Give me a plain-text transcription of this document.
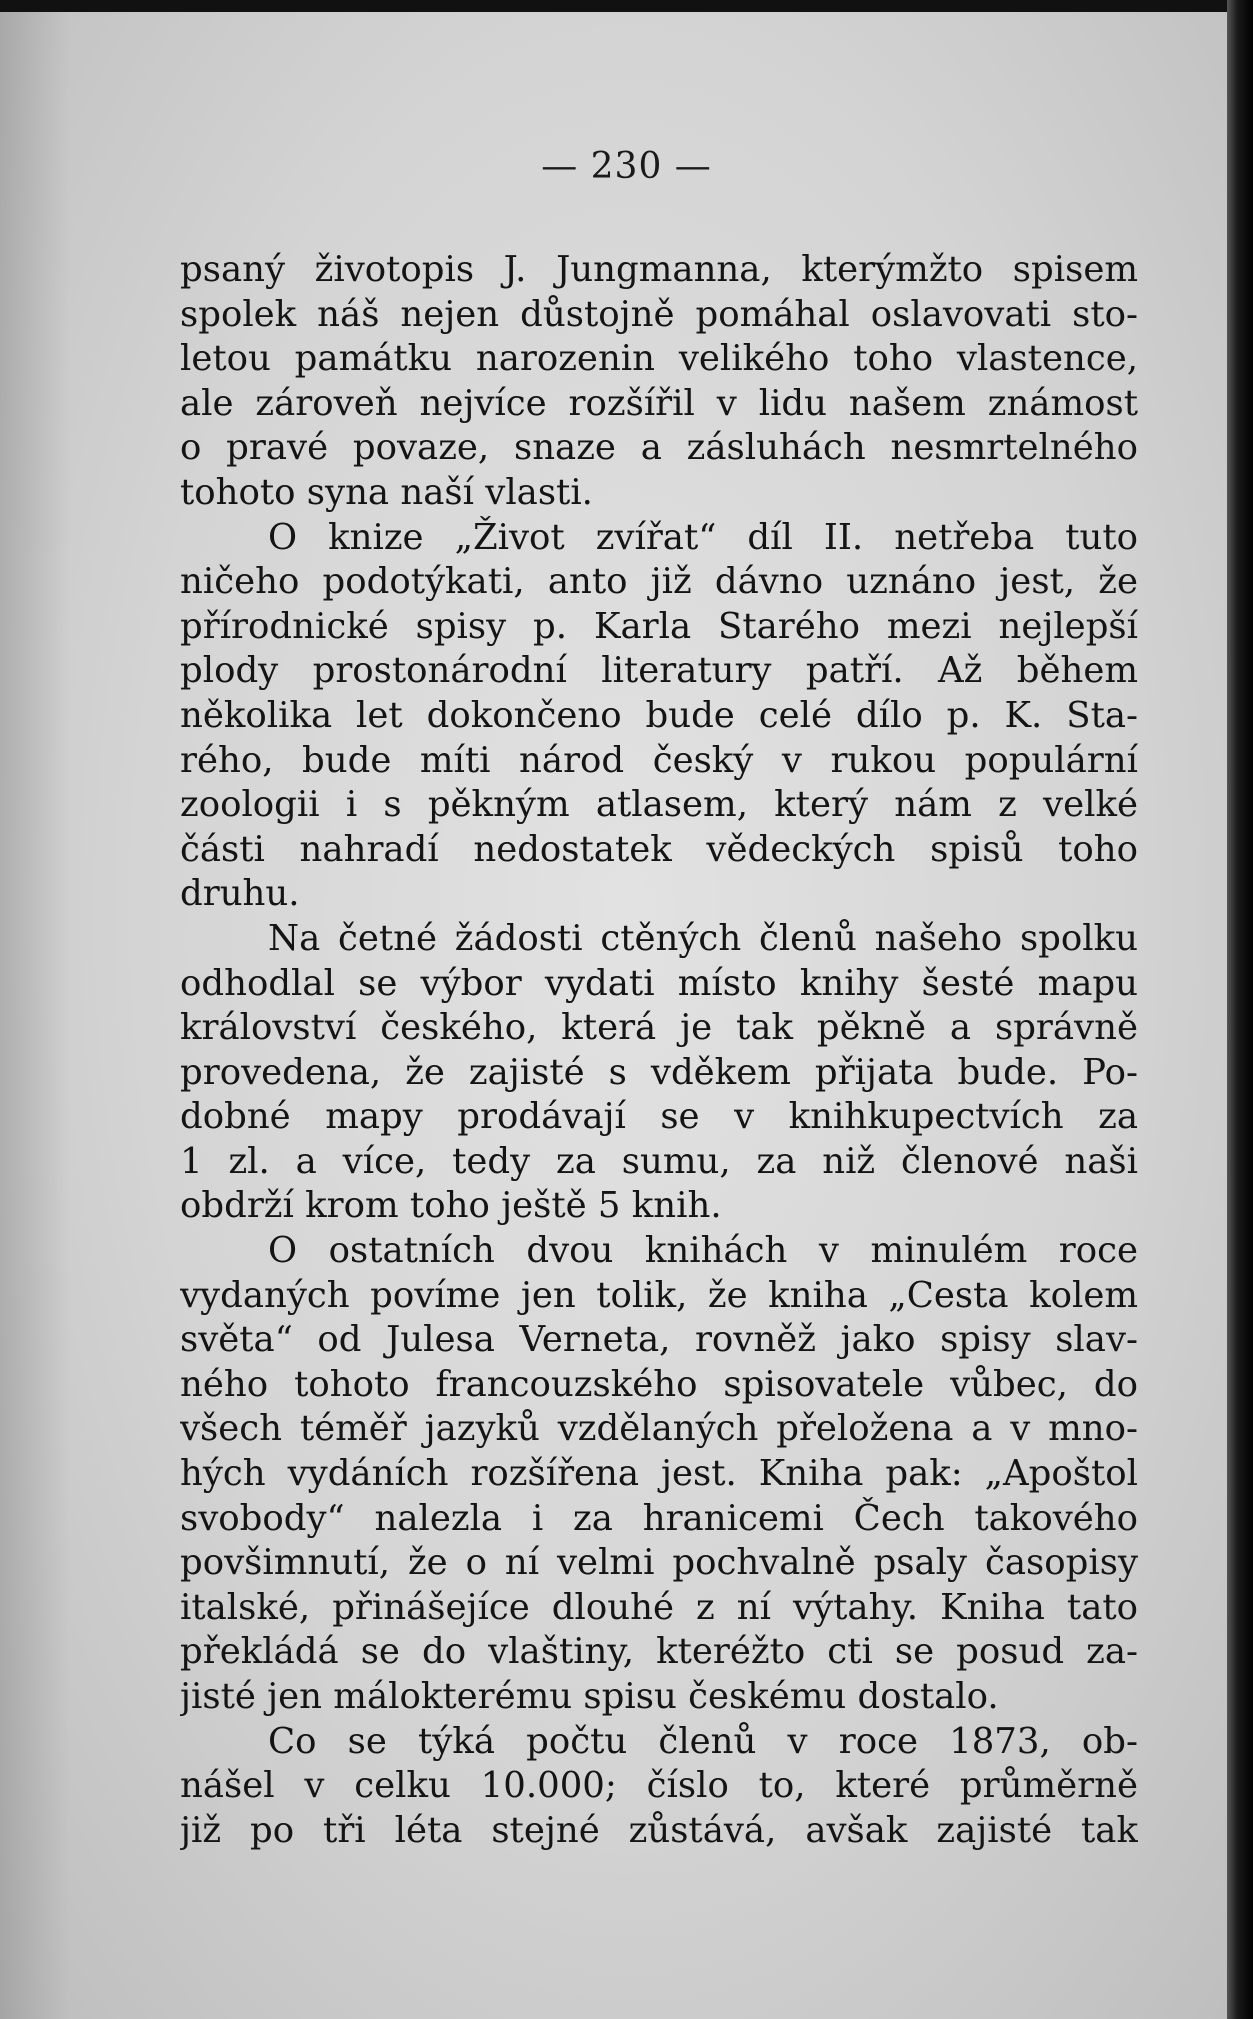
— 230 —
psaný životopis J. Jungmanna, kterýmžto spisem
spolek náš nejen důstojně pomáhal oslavovati sto-
letou památku narozenin velikého toho vlastence,
ale zároveň nejvíce rozšířil v lidu našem známost
o pravé povaze, snaze a zásluhách nesmrtelného
tohoto syna naší vlasti.
O knize „Život zvířat“ díl II. netřeba tuto
ničeho podotýkati, anto již dávno uznáno jest, že
přírodnické spisy p. Karla Starého mezi nejlepší
plody prostonárodní literatury patří. Až během
několika let dokončeno bude celé dílo p. K. Sta-
rého, bude míti národ český v rukou populární
zoologii i s pěkným atlasem, který nám z velké
části nahradí nedostatek vědeckých spisů toho
druhu.
Na četné žádosti ctěných členů našeho spolku
odhodlal se výbor vydati místo knihy šesté mapu
království českého, která je tak pěkně a správně
provedena, že zajisté s vděkem přijata bude. Po-
dobné mapy prodávají se v knihkupectvích za
1 zl. a více, tedy za sumu, za niž členové naši
obdrží krom toho ještě 5 knih.
O ostatních dvou knihách v minulém roce
vydaných povíme jen tolik, že kniha „Cesta kolem
světa“ od Julesa Verneta, rovněž jako spisy slav-
ného tohoto francouzského spisovatele vůbec, do
všech téměř jazyků vzdělaných přeložena a v mno-
hých vydáních rozšířena jest. Kniha pak: „Apoštol
svobody“ nalezla i za hranicemi Čech takového
povšimnutí, že o ní velmi pochvalně psaly časopisy
italské, přinášejíce dlouhé z ní výtahy. Kniha tato
překládá se do vlaštiny, kteréžto cti se posud za-
jisté jen málokterému spisu českému dostalo.
Co se týká počtu členů v roce 1873, ob-
nášel v celku 10.000; číslo to, které průměrně
již po tři léta stejné zůstává, avšak zajisté tak
